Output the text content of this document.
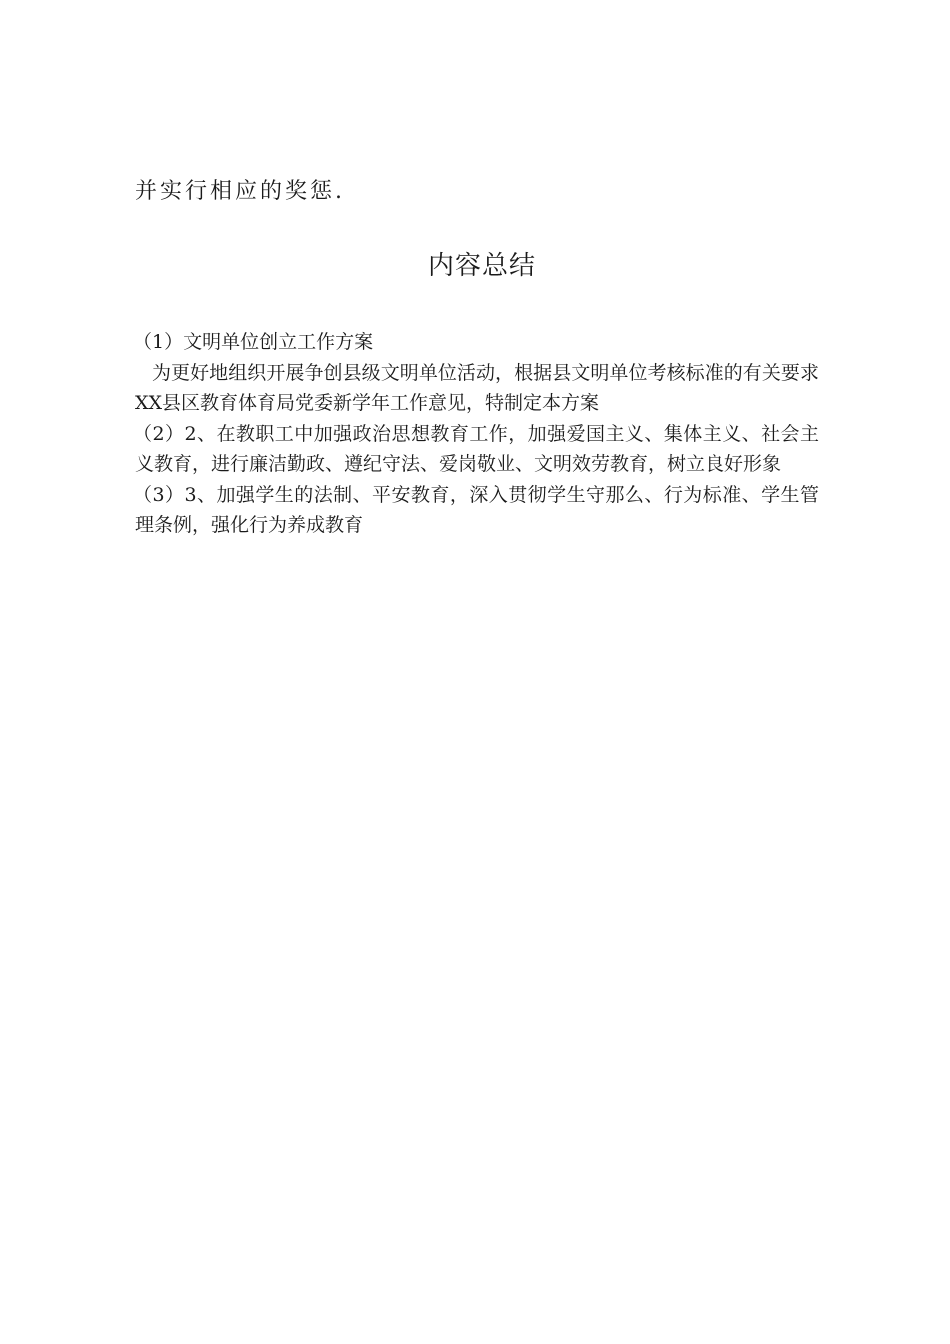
并实行相应的奖惩.
内容总结

（1）文明单位创立工作方案

为更好地组织开展争创县级文明单位活动，根据县文明单位考核标准的有关要求XX县区教育体育局党委新学年工作意见，特制定本方案

（2）2、在教职工中加强政治思想教育工作，加强爱国主义、集体主义、社会主义教育，进行廉洁勤政、遵纪守法、爱岗敬业、文明效劳教育，树立良好形象

（3）3、加强学生的法制、平安教育，深入贯彻学生守那么、行为标准、学生管理条例，强化行为养成教育
